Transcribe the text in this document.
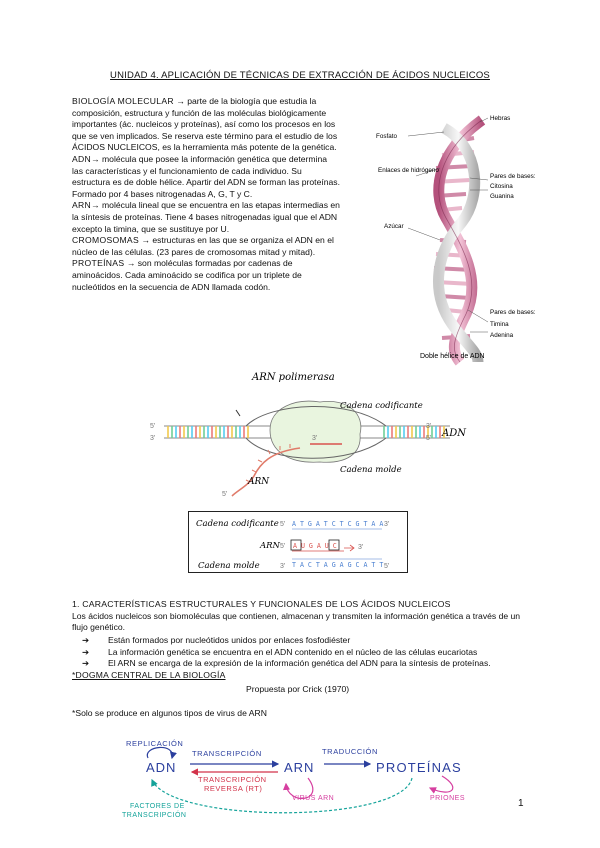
UNIDAD 4. APLICACIÓN DE TÉCNICAS DE EXTRACCIÓN DE ÁCIDOS NUCLEICOS

BIOLOGÍA MOLECULAR → parte de la biología que estudia la composición, estructura y función de las moléculas biológicamente importantes (ác. nucleicos y proteínas), así como los procesos en los que se ven implicados. Se reserva este término para el estudio de los ÁCIDOS NUCLEICOS, es la herramienta más potente de la genética.

ADN→ molécula que posee la información genética que determina las características y el funcionamiento de cada individuo. Su estructura es de doble hélice. Apartir del ADN se forman las proteínas. Formado por 4 bases nitrogenadas A, G, T y C.

ARN→ molécula lineal que se encuentra en las etapas intermedias en la síntesis de proteínas. Tiene 4 bases nitrogenadas igual que el ADN excepto la timina, que se sustituye por U.

CROMOSOMAS → estructuras en las que se organiza el ADN en el núcleo de las células. (23 pares de cromosomas mitad y mitad).

PROTEÍNAS → son moléculas formadas por cadenas de aminoácidos. Cada aminoácido se codifica por un triplete de nucleótidos en la secuencia de ADN llamada codón.

Hebras
Fosfato
Enlaces de hidrógeno
Pares de bases:
Citosina
Guanina
Azúcar
Pares de bases:
Timina
Adenina
Doble hélice de ADN
ARN polimerasa
Cadena codificante
Cadena molde
ADN
ARN
5'
3'
3'
5'
5'
3'
Cadena codificante 5' A T G A T C T C G T A A 3'
ARN 5' A U G A U C	3'
Cadena molde	3' T A C T A G A G C A T T 5'
1. CARACTERÍSTICAS ESTRUCTURALES Y FUNCIONALES DE LOS ÁCIDOS NUCLEICOS
Los ácidos nucleicos son biomoléculas que contienen, almacenan y transmiten la información genética a través de un flujo genético.
➔	Están formados por nucleótidos unidos por enlaces fosfodiéster
➔	La información genética se encuentra en el ADN contenido en el núcleo de las células eucariotas
➔	El ARN se encarga de la expresión de la información genética del ADN para la síntesis de proteínas.
*DOGMA CENTRAL DE LA BIOLOGÍA
Propuesta por Crick (1970)
*Solo se produce en algunos tipos de virus de ARN
REPLICACIÓN
ADN
TRANSCRIPCIÓN
ARN
TRADUCCIÓN
PROTEÍNAS
TRANSCRIPCIÓN
REVERSA (RT)
VIRUS ARN	PRIONES
FACTORES DE
TRANSCRIPCIÓN
1
